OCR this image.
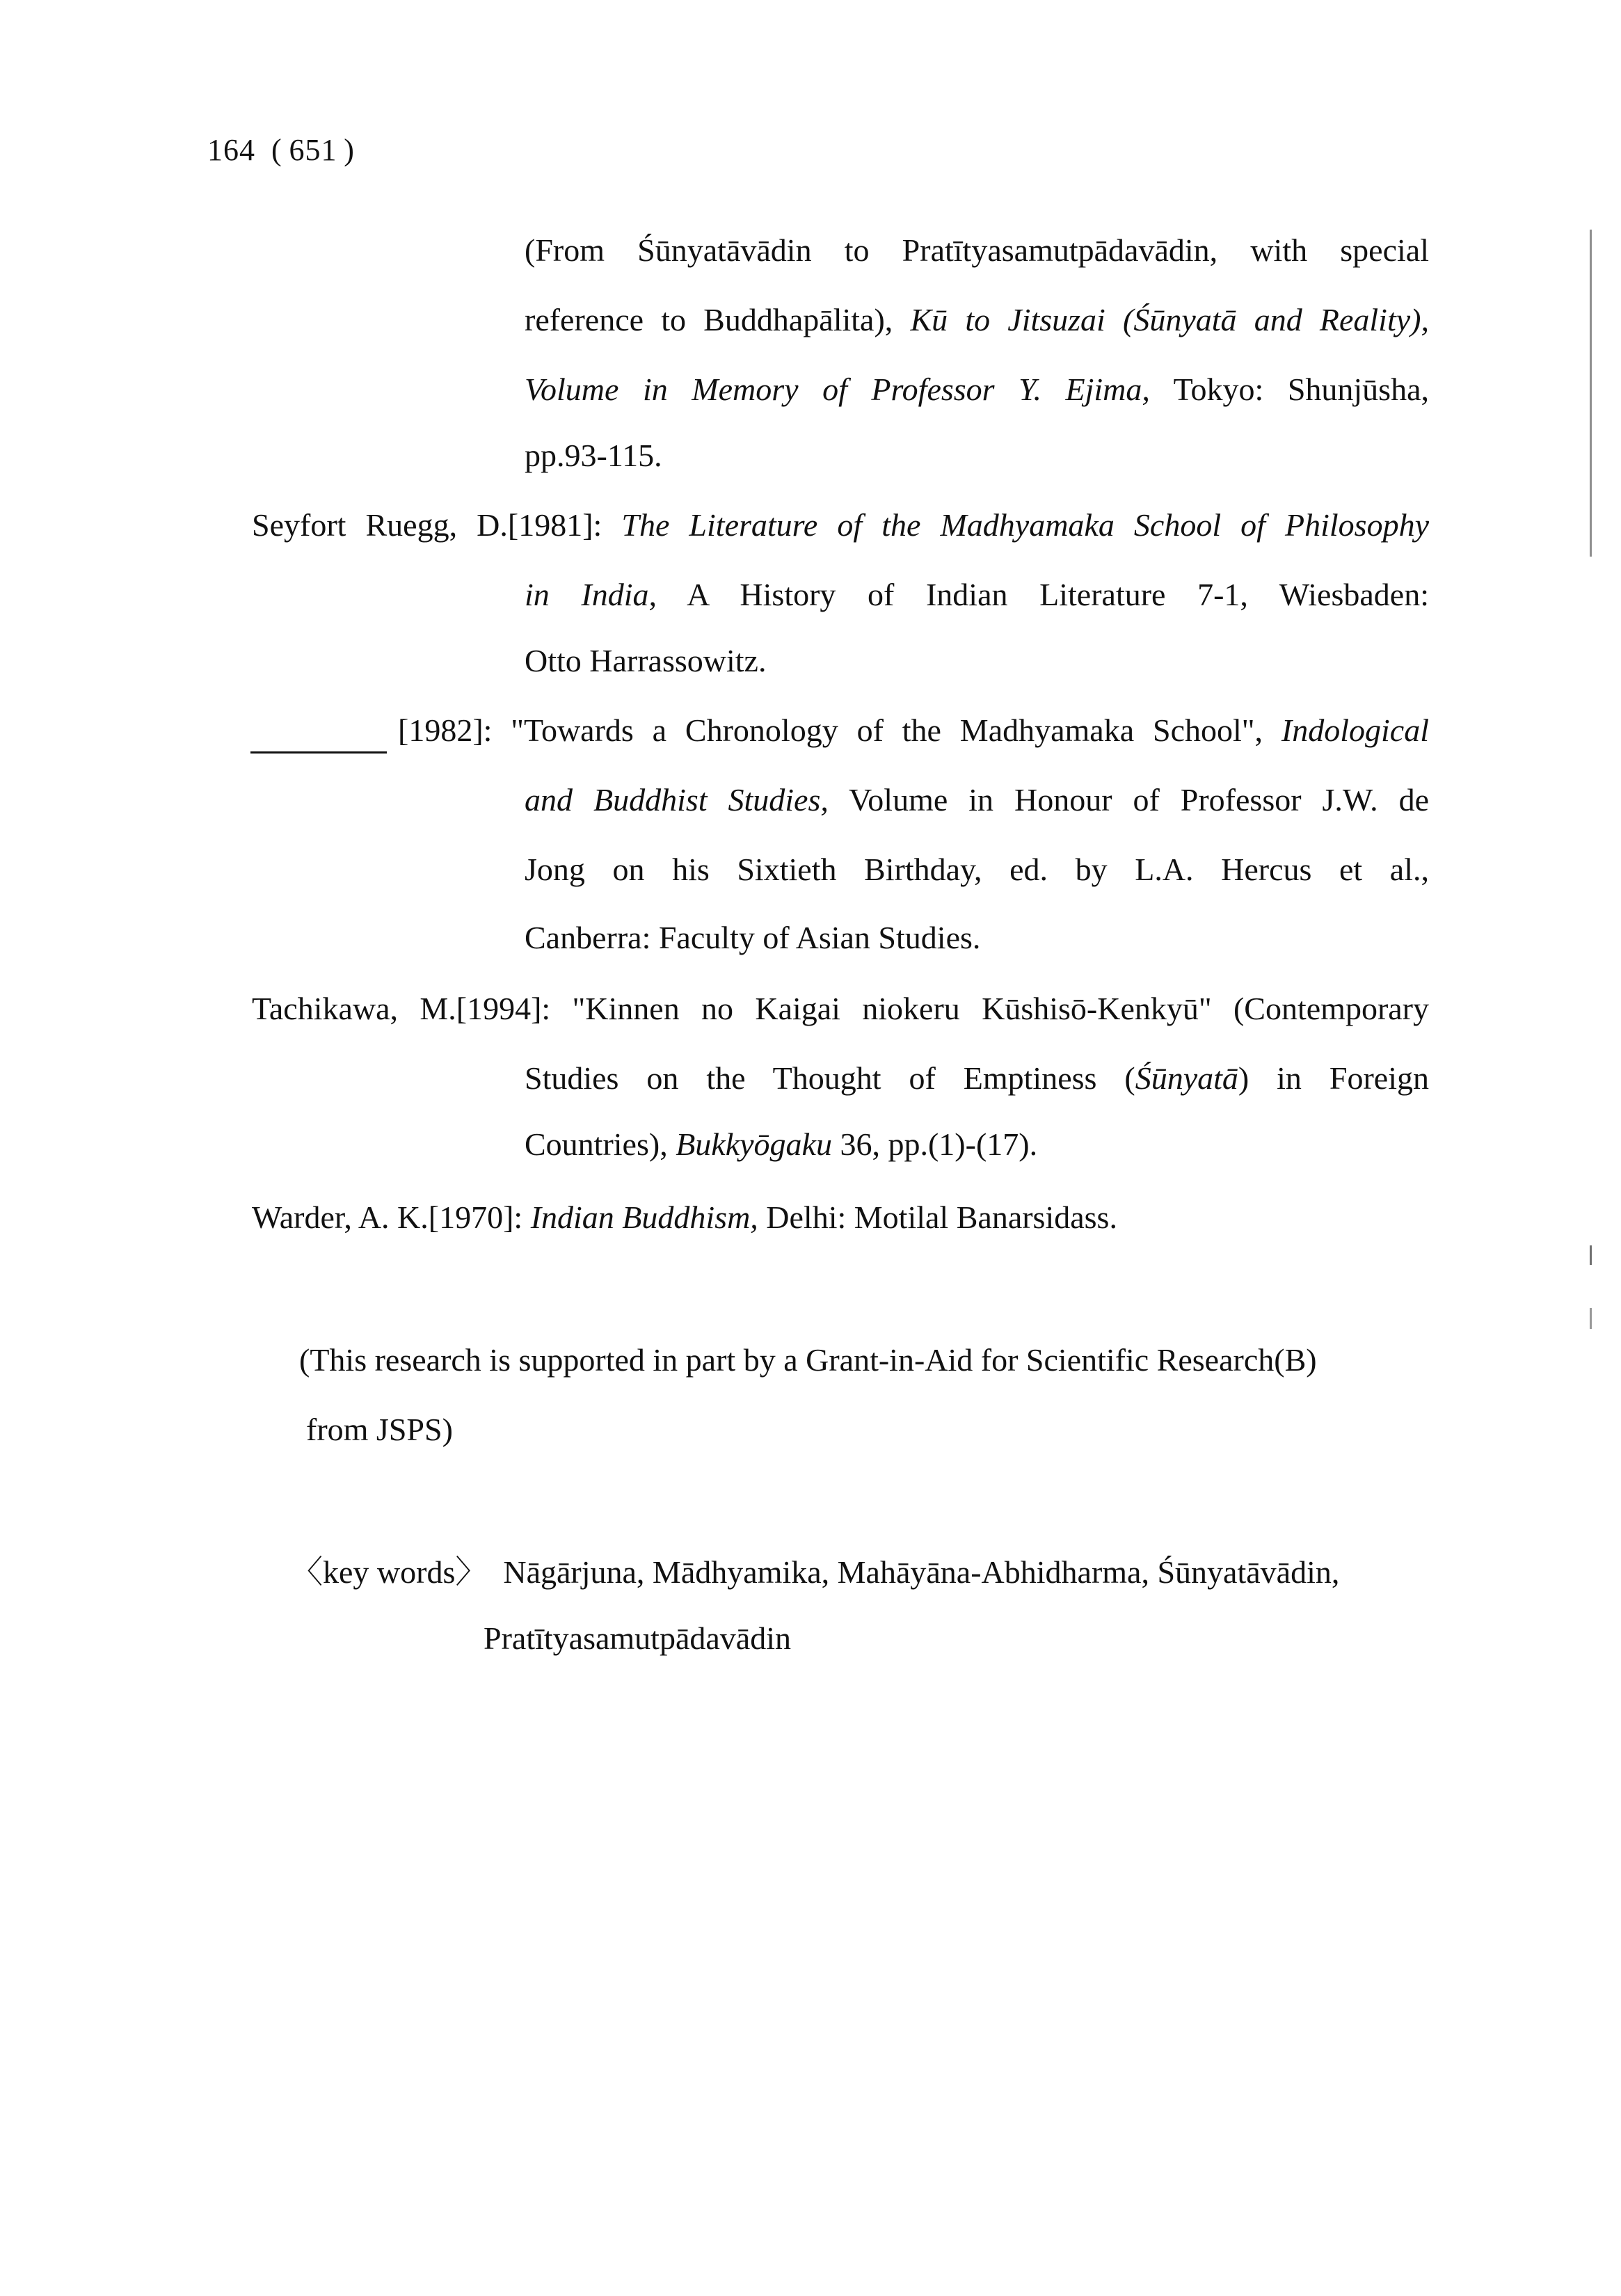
164 ( 651 )
(From Śūnyatāvādin to Pratītyasamutpādavādin, with special
reference to Buddhapālita), Kū to Jitsuzai (Śūnyatā and Reality),
Volume in Memory of Professor Y. Ejima, Tokyo: Shunjūsha,
pp.93-115.
Seyfort Ruegg, D.[1981]: The Literature of the Madhyamaka School of Philosophy
in India, A History of Indian Literature 7-1, Wiesbaden:
Otto Harrassowitz.
[1982]: "Towards a Chronology of the Madhyamaka School", Indological
and Buddhist Studies, Volume in Honour of Professor J.W. de
Jong on his Sixtieth Birthday, ed. by L.A. Hercus et al.,
Canberra: Faculty of Asian Studies.
Tachikawa, M.[1994]: "Kinnen no Kaigai niokeru Kūshisō-Kenkyū" (Contemporary
Studies on the Thought of Emptiness (Śūnyatā) in Foreign
Countries), Bukkyōgaku 36, pp.(1)-(17).
Warder, A. K.[1970]: Indian Buddhism, Delhi: Motilal Banarsidass.
(This research is supported in part by a Grant-in-Aid for Scientific Research(B)
from JSPS)
〈key words〉  Nāgārjuna, Mādhyamika, Mahāyāna-Abhidharma, Śūnyatāvādin,
Pratītyasamutpādavādin
